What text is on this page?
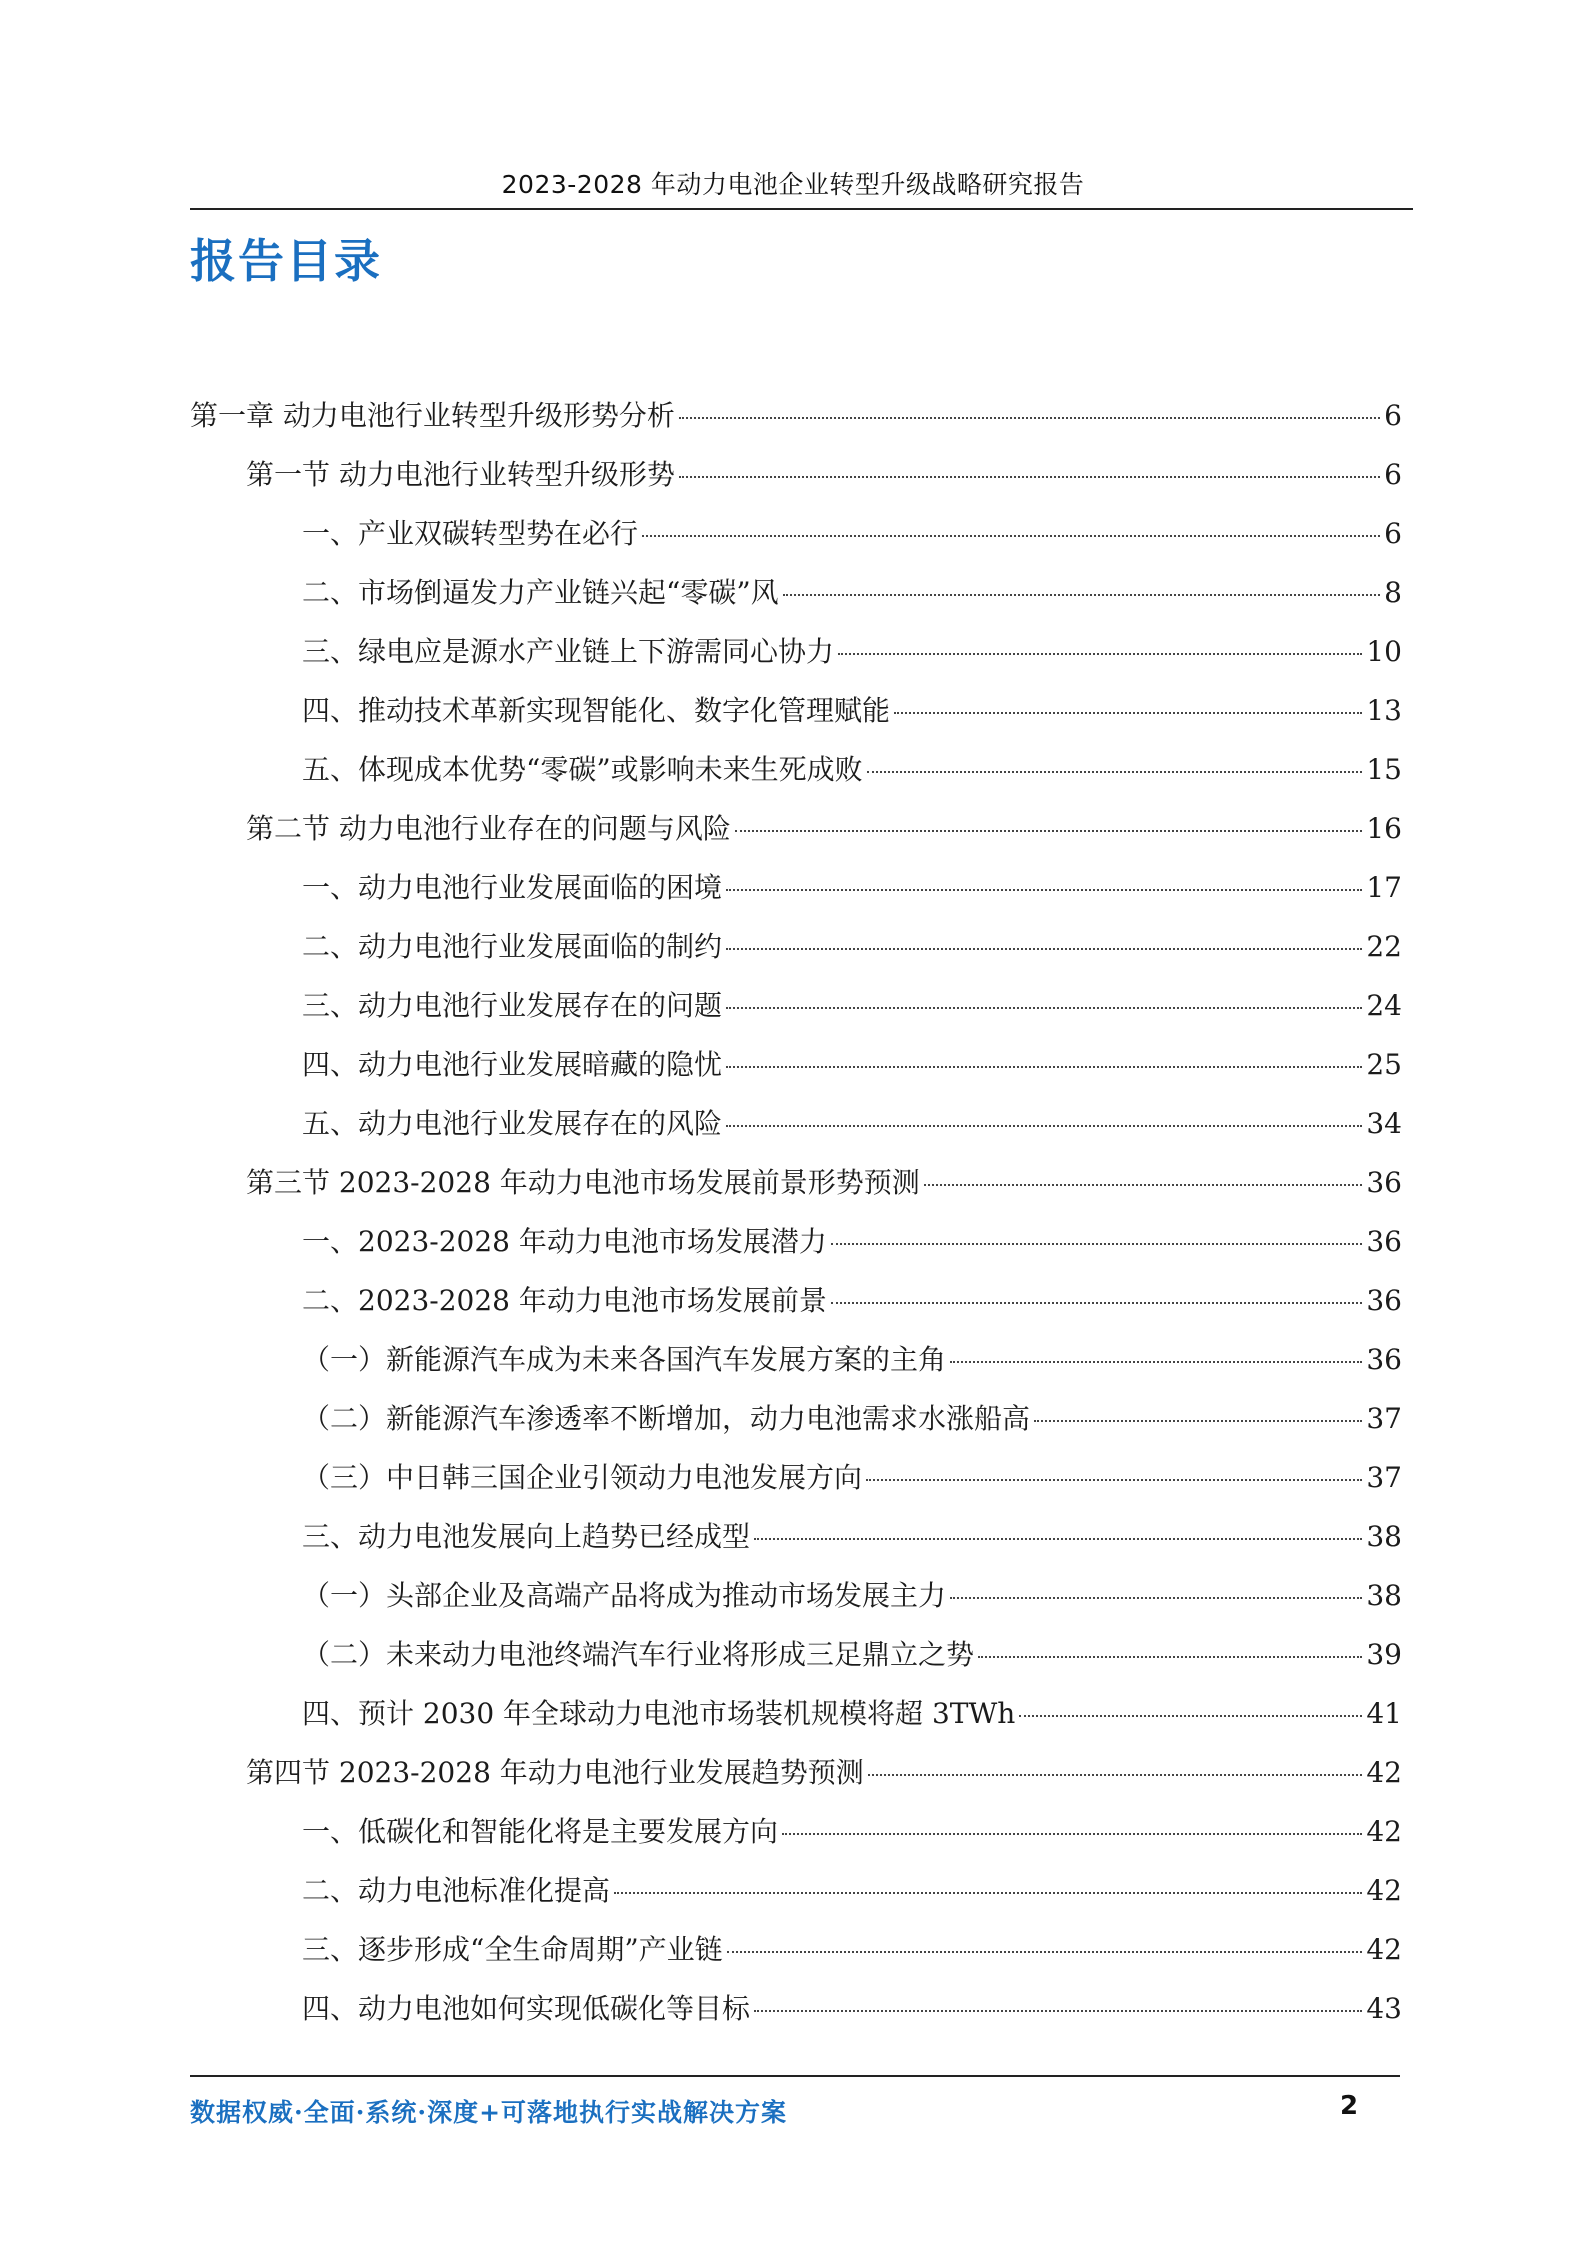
2023-2028 年动力电池企业转型升级战略研究报告
报告目录
第一章 动力电池行业转型升级形势分析	6
第一节 动力电池行业转型升级形势	6
一、产业双碳转型势在必行	6
二、市场倒逼发力产业链兴起“零碳”风	8
三、绿电应是源水产业链上下游需同心协力	10
四、推动技术革新实现智能化、数字化管理赋能	13
五、体现成本优势“零碳”或影响未来生死成败	15
第二节 动力电池行业存在的问题与风险	16
一、动力电池行业发展面临的困境	17
二、动力电池行业发展面临的制约	22
三、动力电池行业发展存在的问题	24
四、动力电池行业发展暗藏的隐忧	25
五、动力电池行业发展存在的风险	34
第三节 2023-2028 年动力电池市场发展前景形势预测	36
一、2023-2028 年动力电池市场发展潜力	36
二、2023-2028 年动力电池市场发展前景	36
（一）新能源汽车成为未来各国汽车发展方案的主角	36
（二）新能源汽车渗透率不断增加，动力电池需求水涨船高	37
（三）中日韩三国企业引领动力电池发展方向	37
三、动力电池发展向上趋势已经成型	38
（一）头部企业及高端产品将成为推动市场发展主力	38
（二）未来动力电池终端汽车行业将形成三足鼎立之势	39
四、预计 2030 年全球动力电池市场装机规模将超 3TWh	41
第四节 2023-2028 年动力电池行业发展趋势预测	42
一、低碳化和智能化将是主要发展方向	42
二、动力电池标准化提高	42
三、逐步形成“全生命周期”产业链	42
四、动力电池如何实现低碳化等目标	43
数据权威·全面·系统·深度+可落地执行实战解决方案	2
